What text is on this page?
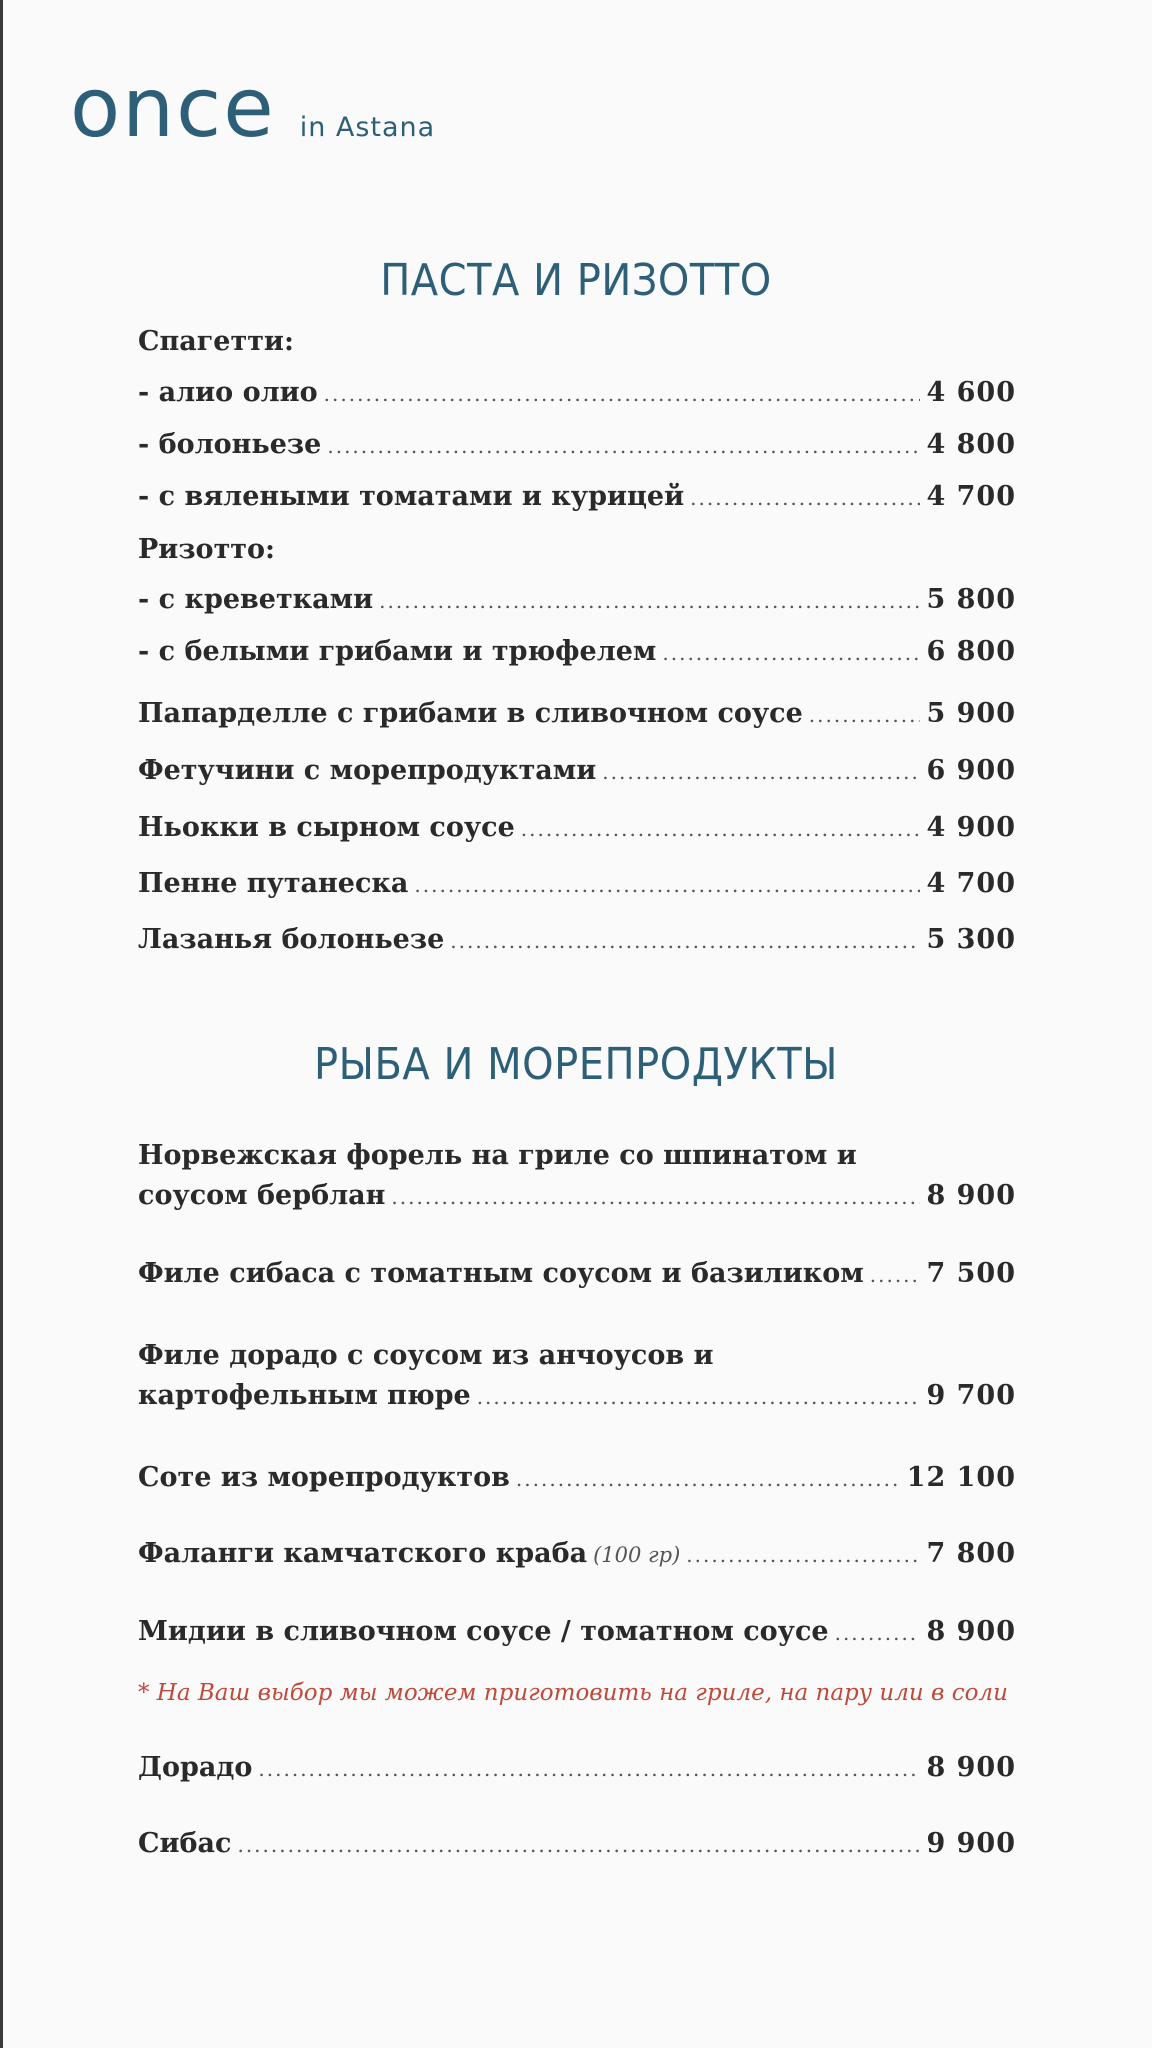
once in Astana
ПАСТА И РИЗОТТО
Спагетти:
- алио олио .....	4 600
- болоньезе .....	4 800
- с вялеными томатами и курицей .....	4 700
Ризотто:
- с креветками .....	5 800
- с белыми грибами и трюфелем .....	6 800
Папарделле с грибами в сливочном соусе .....	5 900
Фетучини с морепродуктами .....	6 900
Ньокки в сырном соусе .....	4 900
Пенне путанеска .....	4 700
Лазанья болоньезе .....	5 300
РЫБА И МОРЕПРОДУКТЫ
Норвежская форель на гриле со шпинатом и
соусом берблан .....	8 900
Филе сибаса с томатным соусом и базиликом ..... 7 500
Филе дорадо с соусом из анчоусов и
картофельным пюре .....	9 700
Соте из морепродуктов .....	12 100
Фаланги камчатского краба (100 гр) .....	7 800
Мидии в сливочном соусе / томатном соусе .....	8 900
* На Ваш выбор мы можем приготовить на гриле, на пару или в соли
Дорадо .....	8 900
Сибас .....	9 900
